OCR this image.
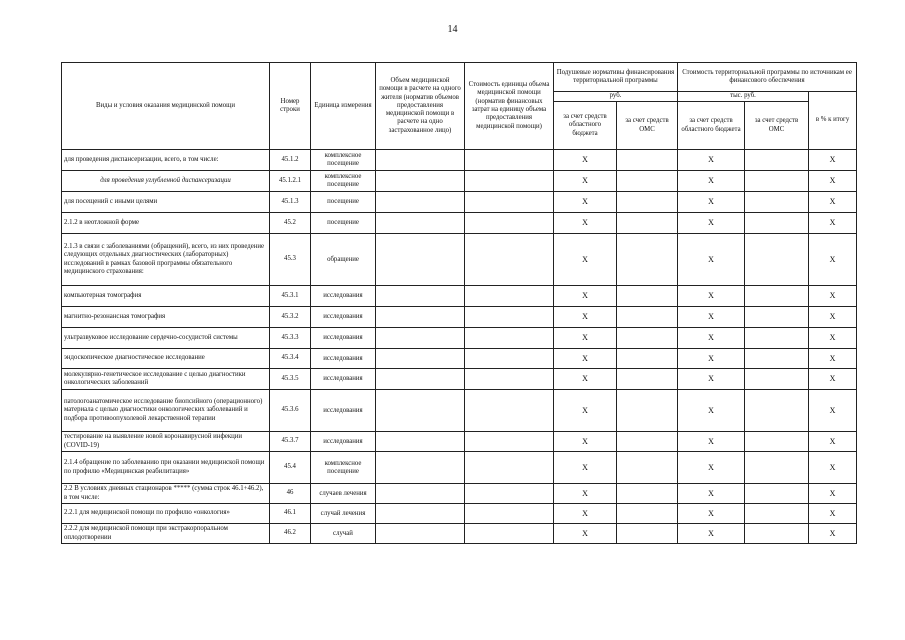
14
Виды и условия оказания медицинской помощи	Номер строки	Единица измерения	Объем медицинской помощи в расчете на одного жителя (норматив объемов предоставления медицинской помощи в расчете на одно застрахованное лицо)	Стоимость единицы объема медицинской помощи (норматив финансовых затрат на единицу объема предоставления медицинской помощи)	Подушевые нормативы финансирования территориальной программы		Стоимость территориальной программы по источникам ее финансового обеспечения		
					руб.		тыс. руб.		в % к итогу
					за счет средств областного бюджета	за счет средств ОМС	за счет средств областного бюджета	за счет средств ОМС	
для проведения диспансеризации, всего, в том числе:	45.1.2	комплексное посещение			X		X		X
для проведения углубленной диспансеризации	45.1.2.1	комплексное посещение			X		X		X
для посещений с иными целями	45.1.3	посещение			X		X		X
2.1.2 в неотложной форме	45.2	посещение			X		X		X
2.1.3 в связи с заболеваниями (обращений), всего, из них проведение следующих отдельных диагностических (лабораторных) исследований в рамках базовой программы обязательного медицинского страхования:	45.3	обращение			X		X		X
компьютерная томография	45.3.1	исследования			X		X		X
магнитно-резонансная томография	45.3.2	исследования			X		X		X
ультразвуковое исследование сердечно-сосудистой системы	45.3.3	исследования			X		X		X
эндоскопическое диагностическое исследование	45.3.4	исследования			X		X		X
молекулярно-генетическое исследование с целью диагностики онкологических заболеваний	45.3.5	исследования			X		X		X
патологоанатомическое исследование биопсийного (операционного) материала с целью диагностики онкологических заболеваний и подбора противоопухолевой лекарственной терапии	45.3.6	исследования			X		X		X
тестирование на выявление новой коронавирусной инфекции (COVID-19)	45.3.7	исследования			X		X		X
2.1.4 обращение по заболеванию при оказании медицинской помощи по профилю «Медицинская реабилитация»	45.4	комплексное посещение			X		X		X
2.2 В условиях дневных стационаров ***** (сумма строк 46.1+46.2), в том числе:	46	случаев лечения			X		X		X
2.2.1 для медицинской помощи по профилю «онкология»	46.1	случай лечения			X		X		X
2.2.2 для медицинской помощи при экстракорпоральном оплодотворении	46.2	случай			X		X		X
